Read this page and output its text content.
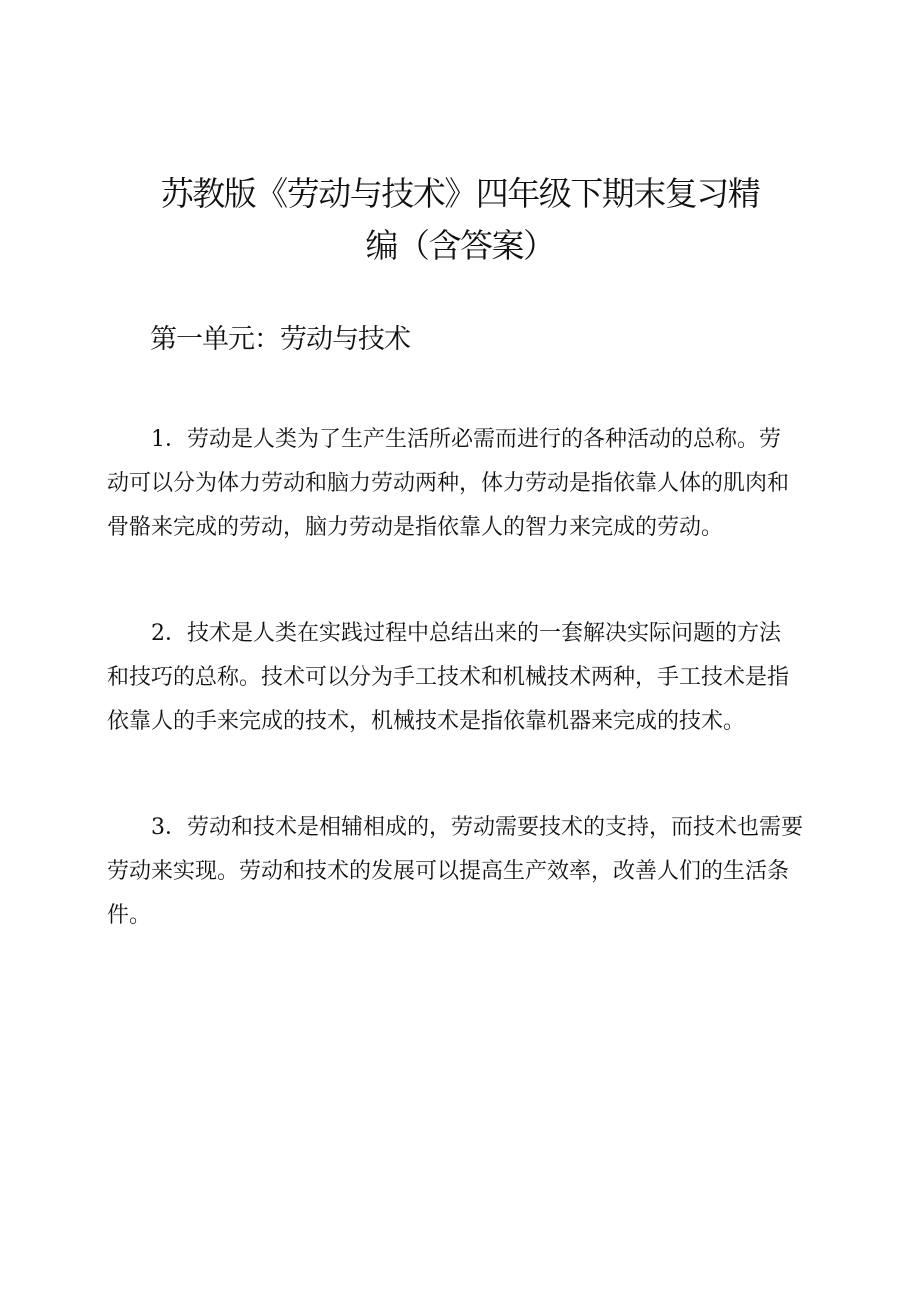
苏教版《劳动与技术》四年级下期末复习精
编（含答案）
第一单元：劳动与技术

1．劳动是人类为了生产生活所必需而进行的各种活动的总称。劳
动可以分为体力劳动和脑力劳动两种，体力劳动是指依靠人体的肌肉和
骨骼来完成的劳动，脑力劳动是指依靠人的智力来完成的劳动。

2．技术是人类在实践过程中总结出来的一套解决实际问题的方法
和技巧的总称。技术可以分为手工技术和机械技术两种，手工技术是指
依靠人的手来完成的技术，机械技术是指依靠机器来完成的技术。

3．劳动和技术是相辅相成的，劳动需要技术的支持，而技术也需要
劳动来实现。劳动和技术的发展可以提高生产效率，改善人们的生活条
件。
